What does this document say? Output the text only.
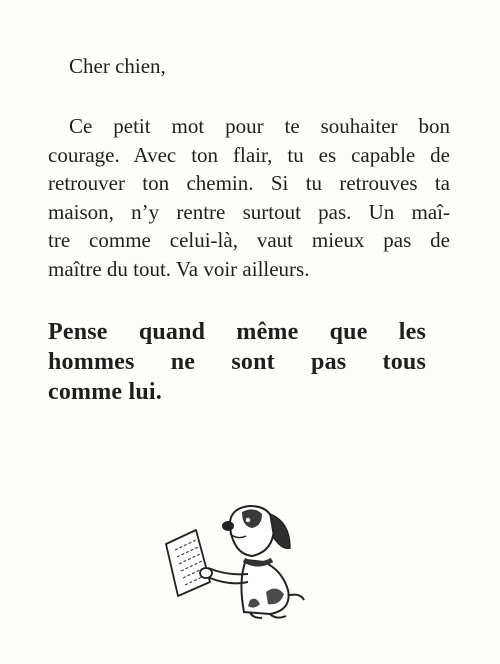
Cher chien,

Ce petit mot pour te souhaiter bon
courage. Avec ton flair, tu es capable de
retrouver ton chemin. Si tu retrouves ta
maison, n’y rentre surtout pas. Un maî-
tre comme celui-là, vaut mieux pas de
maître du tout. Va voir ailleurs.

Pense quand même que les
hommes ne sont pas tous
comme lui.
